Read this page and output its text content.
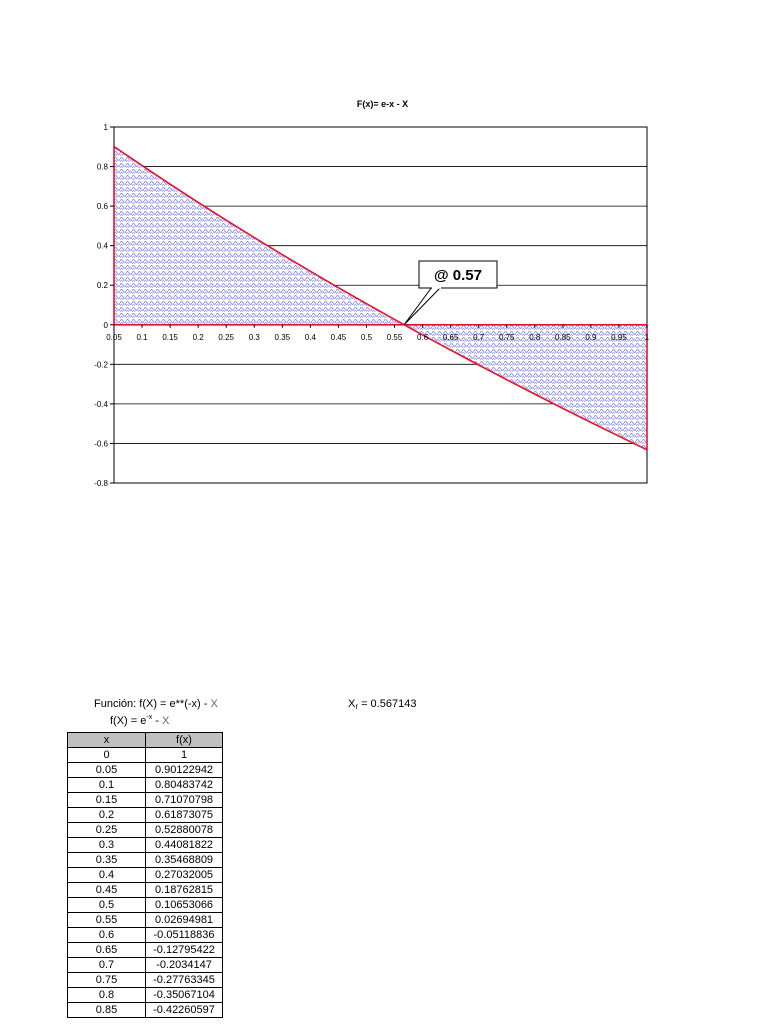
1
0.8
0.6
0.4
0.2
0
-0.2
-0.4
-0.6
-0.8
0.05 0.1 0.15 0.2 0.25 0.3 0.35 0.4 0.45 0.5 0.55 0.6 0.65 0.7 0.75 0.8 0.85 0.9 0.95 1
@ 0.57
F(x)= e-x - X
Función: f(X) = e**(-x) - X
$f(X) = e^{-x} - X$
$X_r = 0.567143$
x	f(x)
0	1
0.05	0.90122942
0.1	0.80483742
0.15	0.71070798
0.2	0.61873075
0.25	0.52880078
0.3	0.44081822
0.35	0.35468809
0.4	0.27032005
0.45	0.18762815
0.5	0.10653066
0.55	0.02694981
0.6	-0.05118836
0.65	-0.12795422
0.7	-0.2034147
0.75	-0.27763345
0.8	-0.35067104
0.85	-0.42260597
